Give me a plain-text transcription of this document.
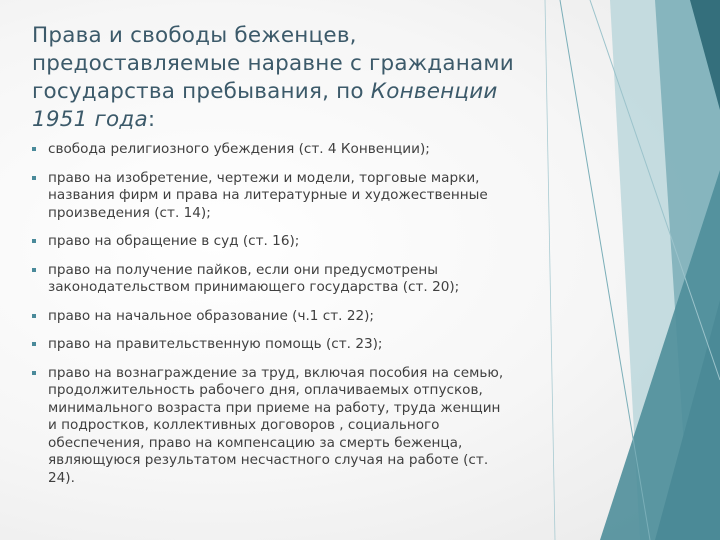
Права и свободы беженцев, предоставляемые наравне с гражданами государства пребывания, по Конвенции 1951 года:
свобода религиозного убеждения (ст. 4 Конвенции);
право на изобретение, чертежи и модели, торговые марки, названия фирм и права на литературные и художественные произведения (ст. 14);
право на обращение в суд (ст. 16);
право на получение пайков, если они предусмотрены законодательством принимающего государства (ст. 20);
право на начальное образование (ч.1 ст. 22);
право на правительственную помощь (ст. 23);
право на вознаграждение за труд, включая пособия на семью, продолжительность рабочего дня, оплачиваемых отпусков, минимального возраста при приеме на работу, труда женщин и подростков, коллективных договоров , социального обеспечения, право на компенсацию за смерть беженца, являющуюся результатом несчастного случая на работе (ст. 24).
